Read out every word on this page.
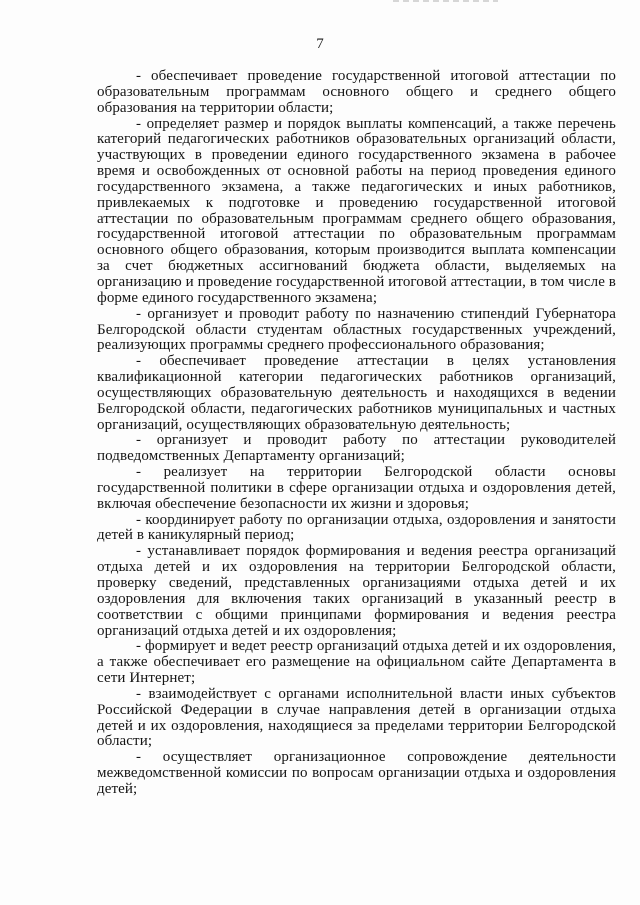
7

- обеспечивает проведение государственной итоговой аттестации по образовательным программам основного общего и среднего общего образования на территории области;

- определяет размер и порядок выплаты компенсаций, а также перечень категорий педагогических работников образовательных организаций области, участвующих в проведении единого государственного экзамена в рабочее время и освобожденных от основной работы на период проведения единого государственного экзамена, а также педагогических и иных работников, привлекаемых к подготовке и проведению государственной итоговой аттестации по образовательным программам среднего общего образования, государственной итоговой аттестации по образовательным программам основного общего образования, которым производится выплата компенсации за счет бюджетных ассигнований бюджета области, выделяемых на организацию и проведение государственной итоговой аттестации, в том числе в форме единого государственного экзамена;

- организует и проводит работу по назначению стипендий Губернатора Белгородской области студентам областных государственных учреждений, реализующих программы среднего профессионального образования;

- обеспечивает проведение аттестации в целях установления квалификационной категории педагогических работников организаций, осуществляющих образовательную деятельность и находящихся в ведении Белгородской области, педагогических работников муниципальных и частных организаций, осуществляющих образовательную деятельность;

- организует и проводит работу по аттестации руководителей подведомственных Департаменту организаций;

- реализует на территории Белгородской области основы государственной политики в сфере организации отдыха и оздоровления детей, включая обеспечение безопасности их жизни и здоровья;

- координирует работу по организации отдыха, оздоровления и занятости детей в каникулярный период;

- устанавливает порядок формирования и ведения реестра организаций отдыха детей и их оздоровления на территории Белгородской области, проверку сведений, представленных организациями отдыха детей и их оздоровления для включения таких организаций в указанный реестр в соответствии с общими принципами формирования и ведения реестра организаций отдыха детей и их оздоровления;

- формирует и ведет реестр организаций отдыха детей и их оздоровления, а также обеспечивает его размещение на официальном сайте Департамента в сети Интернет;

- взаимодействует с органами исполнительной власти иных субъектов Российской Федерации в случае направления детей в организации отдыха детей и их оздоровления, находящиеся за пределами территории Белгородской области;

- осуществляет организационное сопровождение деятельности межведомственной комиссии по вопросам организации отдыха и оздоровления детей;
